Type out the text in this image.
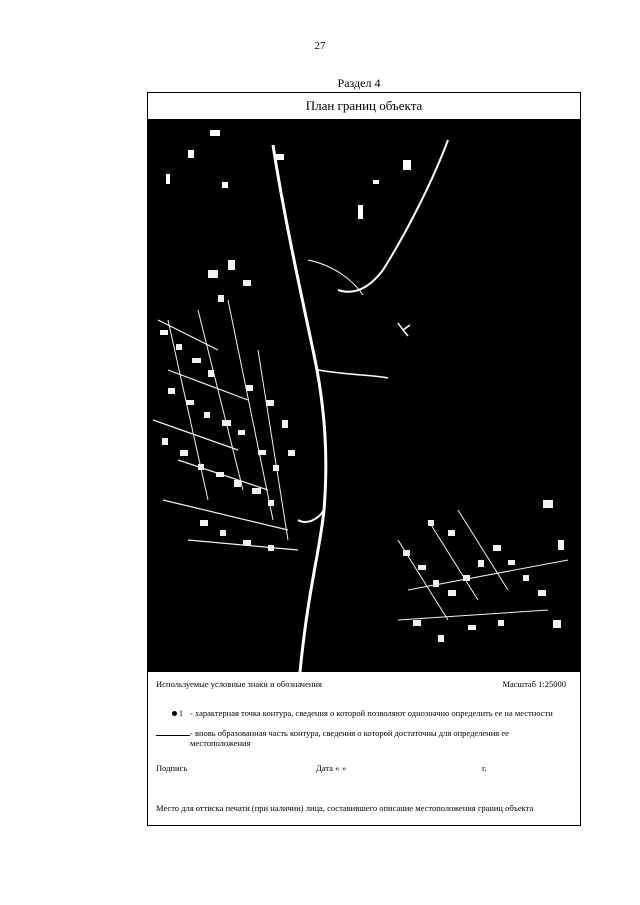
27
Раздел 4
План границ объекта
Используемые условные знаки и обозначения	Масштаб 1:25000
1 - характерная точка контура, сведения о которой позволяют однозначно определить ее на местности
- вновь образованная часть контура, сведения о которой достаточны для определения ее местоположения
Подпись	Дата « »	г.
Место для оттиска печати (при наличии) лица, составившего описание местоположения границ объекта
